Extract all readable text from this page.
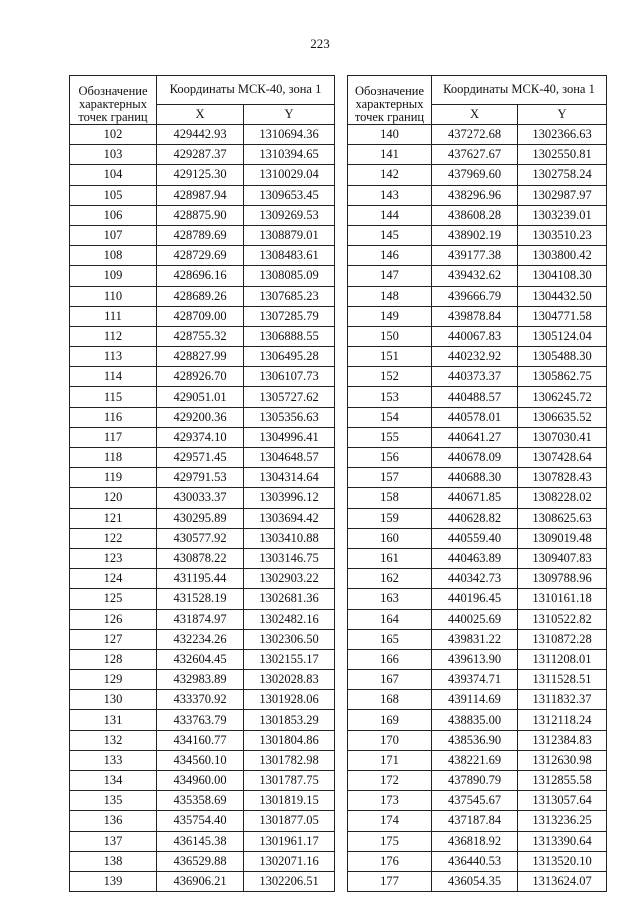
223
Обозначение
характерных
точек границ	Координаты МСК-40, зона 1	
	X	Y
102	429442.93	1310694.36
103	429287.37	1310394.65
104	429125.30	1310029.04
105	428987.94	1309653.45
106	428875.90	1309269.53
107	428789.69	1308879.01
108	428729.69	1308483.61
109	428696.16	1308085.09
110	428689.26	1307685.23
111	428709.00	1307285.79
112	428755.32	1306888.55
113	428827.99	1306495.28
114	428926.70	1306107.73
115	429051.01	1305727.62
116	429200.36	1305356.63
117	429374.10	1304996.41
118	429571.45	1304648.57
119	429791.53	1304314.64
120	430033.37	1303996.12
121	430295.89	1303694.42
122	430577.92	1303410.88
123	430878.22	1303146.75
124	431195.44	1302903.22
125	431528.19	1302681.36
126	431874.97	1302482.16
127	432234.26	1302306.50
128	432604.45	1302155.17
129	432983.89	1302028.83
130	433370.92	1301928.06
131	433763.79	1301853.29
132	434160.77	1301804.86
133	434560.10	1301782.98
134	434960.00	1301787.75
135	435358.69	1301819.15
136	435754.40	1301877.05
137	436145.38	1301961.17
138	436529.88	1302071.16
139	436906.21	1302206.51
Обозначение
характерных
точек границ	Координаты МСК-40, зона 1	
	X	Y
140	437272.68	1302366.63
141	437627.67	1302550.81
142	437969.60	1302758.24
143	438296.96	1302987.97
144	438608.28	1303239.01
145	438902.19	1303510.23
146	439177.38	1303800.42
147	439432.62	1304108.30
148	439666.79	1304432.50
149	439878.84	1304771.58
150	440067.83	1305124.04
151	440232.92	1305488.30
152	440373.37	1305862.75
153	440488.57	1306245.72
154	440578.01	1306635.52
155	440641.27	1307030.41
156	440678.09	1307428.64
157	440688.30	1307828.43
158	440671.85	1308228.02
159	440628.82	1308625.63
160	440559.40	1309019.48
161	440463.89	1309407.83
162	440342.73	1309788.96
163	440196.45	1310161.18
164	440025.69	1310522.82
165	439831.22	1310872.28
166	439613.90	1311208.01
167	439374.71	1311528.51
168	439114.69	1311832.37
169	438835.00	1312118.24
170	438536.90	1312384.83
171	438221.69	1312630.98
172	437890.79	1312855.58
173	437545.67	1313057.64
174	437187.84	1313236.25
175	436818.92	1313390.64
176	436440.53	1313520.10
177	436054.35	1313624.07
